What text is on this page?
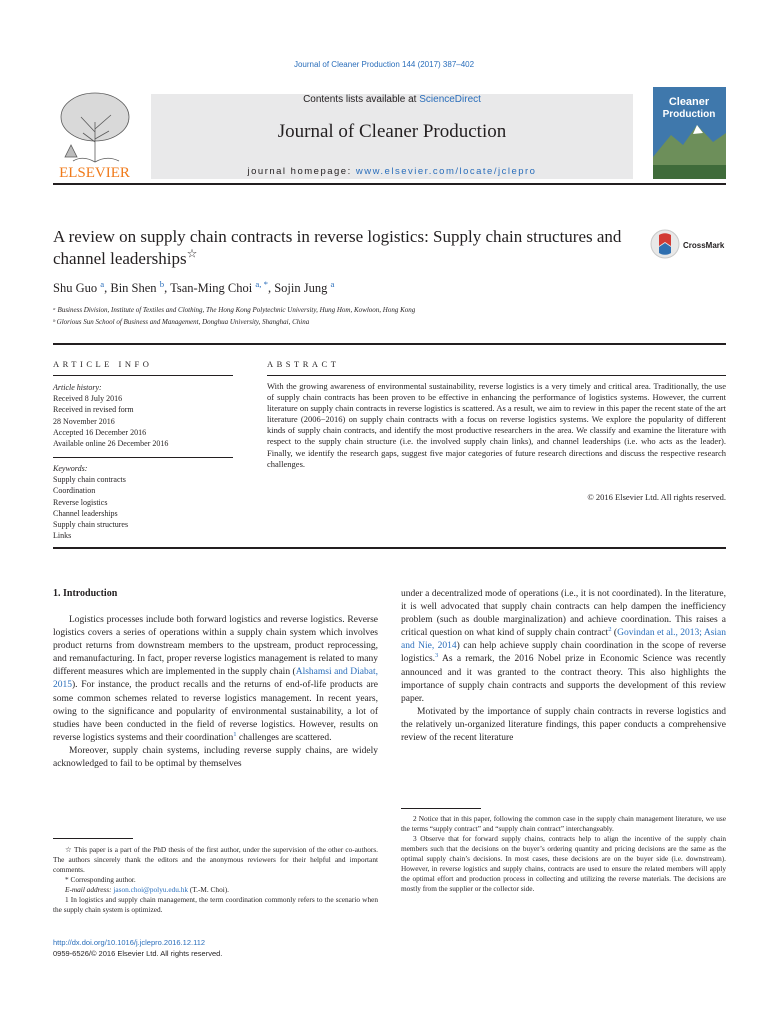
Journal of Cleaner Production 144 (2017) 387–402
ELSEVIER
Contents lists available at ScienceDirect
Journal of Cleaner Production
journal homepage: www.elsevier.com/locate/jclepro
Cleaner
Production
A review on supply chain contracts in reverse logistics: Supply chain structures and channel leaderships☆
CrossMark
Shu Guo $^a$, Bin Shen $^b$, Tsan-Ming Choi $^{a, *}$, Sojin Jung $^a$
ᵃ Business Division, Institute of Textiles and Clothing, The Hong Kong Polytechnic University, Hung Hom, Kowloon, Hong Kong
ᵇ Glorious Sun School of Business and Management, Donghua University, Shanghai, China
ARTICLE INFO
Article history:
Received 8 July 2016
Received in revised form
28 November 2016
Accepted 16 December 2016
Available online 26 December 2016
Keywords:
Supply chain contracts
Coordination
Reverse logistics
Channel leaderships
Supply chain structures
Links
ABSTRACT
With the growing awareness of environmental sustainability, reverse logistics is a very timely and critical area. Traditionally, the use of supply chain contracts has been proven to be effective in enhancing the performance of logistics systems. However, the current literature on supply chain contracts in reverse logistics is scattered. As a result, we aim to review in this paper the recent state of the art literature (2006−2016) on supply chain contracts with a focus on reverse logistics systems. We explore the popularity of different kinds of supply chain contracts, and identify the most productive researchers in the area. We classify and examine the literature with respect to the supply chain structure (i.e. the involved supply chain links), and channel leaderships (i.e. who acts as the leader). Finally, we identify the research gaps, suggest five major categories of future research directions and discuss the respective research challenges.
© 2016 Elsevier Ltd. All rights reserved.
1. Introduction

Logistics processes include both forward logistics and reverse logistics. Reverse logistics covers a series of operations within a supply chain system which involves product returns from downstream members to the upstream, product reprocessing, and remanufacturing. In fact, proper reverse logistics management is related to many different measures which are implemented in the supply chain (Alshamsi and Diabat, 2015). For instance, the product recalls and the returns of end-of-life products are some common schemes related to reverse logistics management. In recent years, owing to the significance and popularity of environmental sustainability, a lot of studies have been conducted in the field of reverse logistics. However, results on reverse logistics systems and their coordination$^1$ challenges are scattered.

Moreover, supply chain systems, including reverse supply chains, are widely acknowledged to fail to be optimal by themselves

under a decentralized mode of operations (i.e., it is not coordinated). In the literature, it is well advocated that supply chain contracts can help dampen the inefficiency problem (such as double marginalization) and achieve coordination. This raises a critical question on what kind of supply chain contract$^2$ (Govindan et al., 2013; Asian and Nie, 2014) can help achieve supply chain coordination in the scope of reverse logistics.$^3$ As a remark, the 2016 Nobel prize in Economic Science was recently announced and it was granted to the contract theory. This also highlights the importance of supply chain contracts and supports the development of this review paper.

Motivated by the importance of supply chain contracts in reverse logistics and the relatively un-organized literature findings, this paper conducts a comprehensive review of the recent literature

☆ This paper is a part of the PhD thesis of the first author, under the supervision of the other co-authors. The authors sincerely thank the editors and the anonymous reviewers for their helpful and important comments.

* Corresponding author.

E-mail address: jason.choi@polyu.edu.hk (T.-M. Choi).

1 In logistics and supply chain management, the term coordination commonly refers to the scenario when the supply chain system is optimized.

2 Notice that in this paper, following the common case in the supply chain management literature, we use the terms “supply contract” and “supply chain contract” interchangeably.

3 Observe that for forward supply chains, contracts help to align the incentive of the supply chain members such that the decisions on the buyer’s ordering quantity and pricing decisions are the same as the optimal supply chain’s decisions. In most cases, these decisions are on the buyer side (i.e. downstream). However, in reverse logistics and supply chains, contracts are used to ensure the related members will apply the optimal effort and production process in collecting and utilizing the reverse materials. The decisions are mostly from the supplier or the collector side.

http://dx.doi.org/10.1016/j.jclepro.2016.12.112
0959-6526/© 2016 Elsevier Ltd. All rights reserved.
